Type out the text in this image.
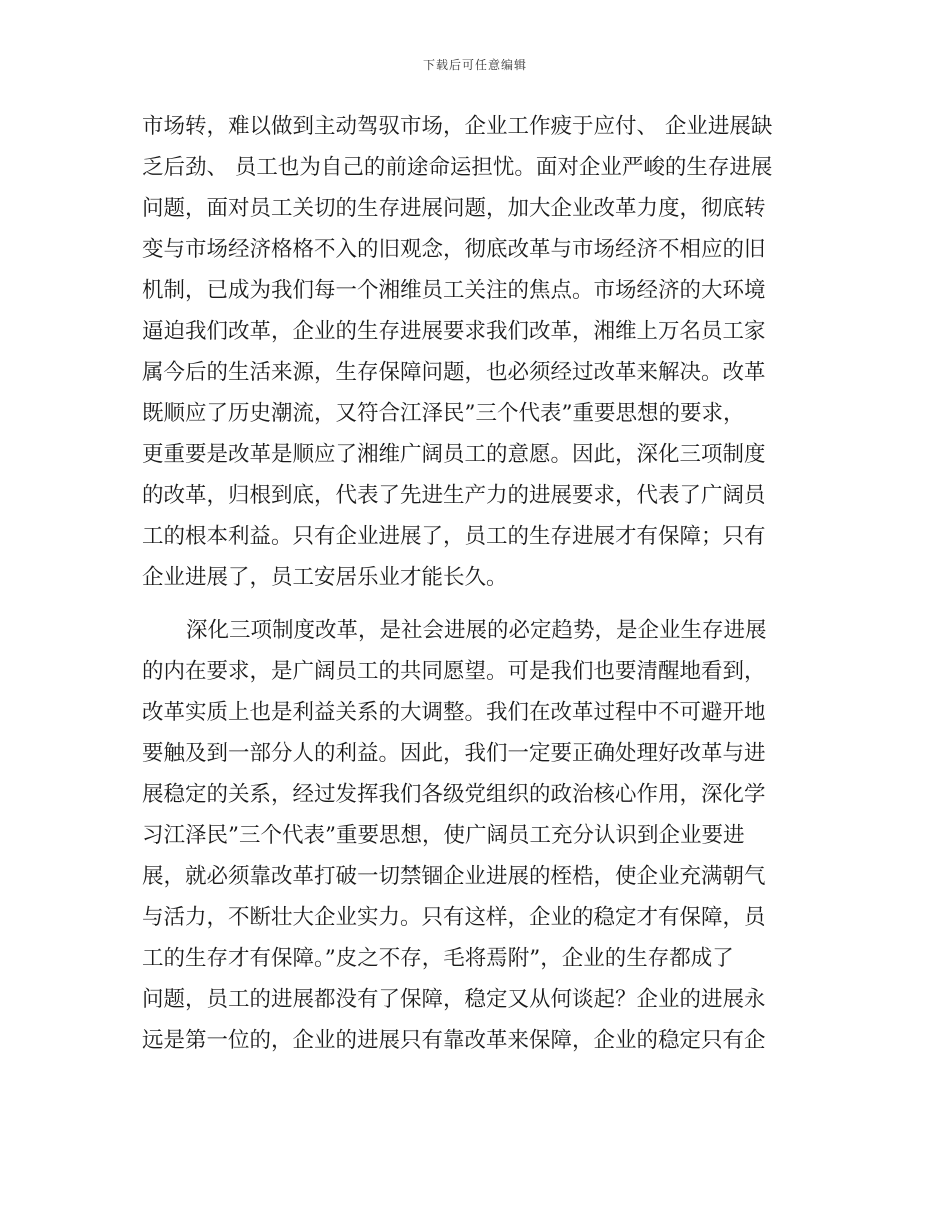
下载后可任意编辑
市场转，难以做到主动驾驭市场，企业工作疲于应付、 企业进展缺
乏后劲、 员工也为自己的前途命运担忧。面对企业严峻的生存进展
问题，面对员工关切的生存进展问题，加大企业改革力度，彻底转
变与市场经济格格不入的旧观念，彻底改革与市场经济不相应的旧
机制，已成为我们每一个湘维员工关注的焦点。市场经济的大环境
逼迫我们改革，企业的生存进展要求我们改革，湘维上万名员工家
属今后的生活来源，生存保障问题，也必须经过改革来解决。改革
既顺应了历史潮流，又符合江泽民”三个代表”重要思想的要求，
更重要是改革是顺应了湘维广阔员工的意愿。因此，深化三项制度
的改革，归根到底，代表了先进生产力的进展要求，代表了广阔员
工的根本利益。只有企业进展了，员工的生存进展才有保障；只有
企业进展了，员工安居乐业才能长久。
深化三项制度改革，是社会进展的必定趋势，是企业生存进展
的内在要求，是广阔员工的共同愿望。可是我们也要清醒地看到，
改革实质上也是利益关系的大调整。我们在改革过程中不可避开地
要触及到一部分人的利益。因此，我们一定要正确处理好改革与进
展稳定的关系，经过发挥我们各级党组织的政治核心作用，深化学
习江泽民”三个代表”重要思想，使广阔员工充分认识到企业要进
展，就必须靠改革打破一切禁锢企业进展的桎梏，使企业充满朝气
与活力，不断壮大企业实力。只有这样，企业的稳定才有保障，员
工的生存才有保障。”皮之不存，毛将焉附”，企业的生存都成了
问题，员工的进展都没有了保障，稳定又从何谈起？企业的进展永
远是第一位的，企业的进展只有靠改革来保障，企业的稳定只有企
